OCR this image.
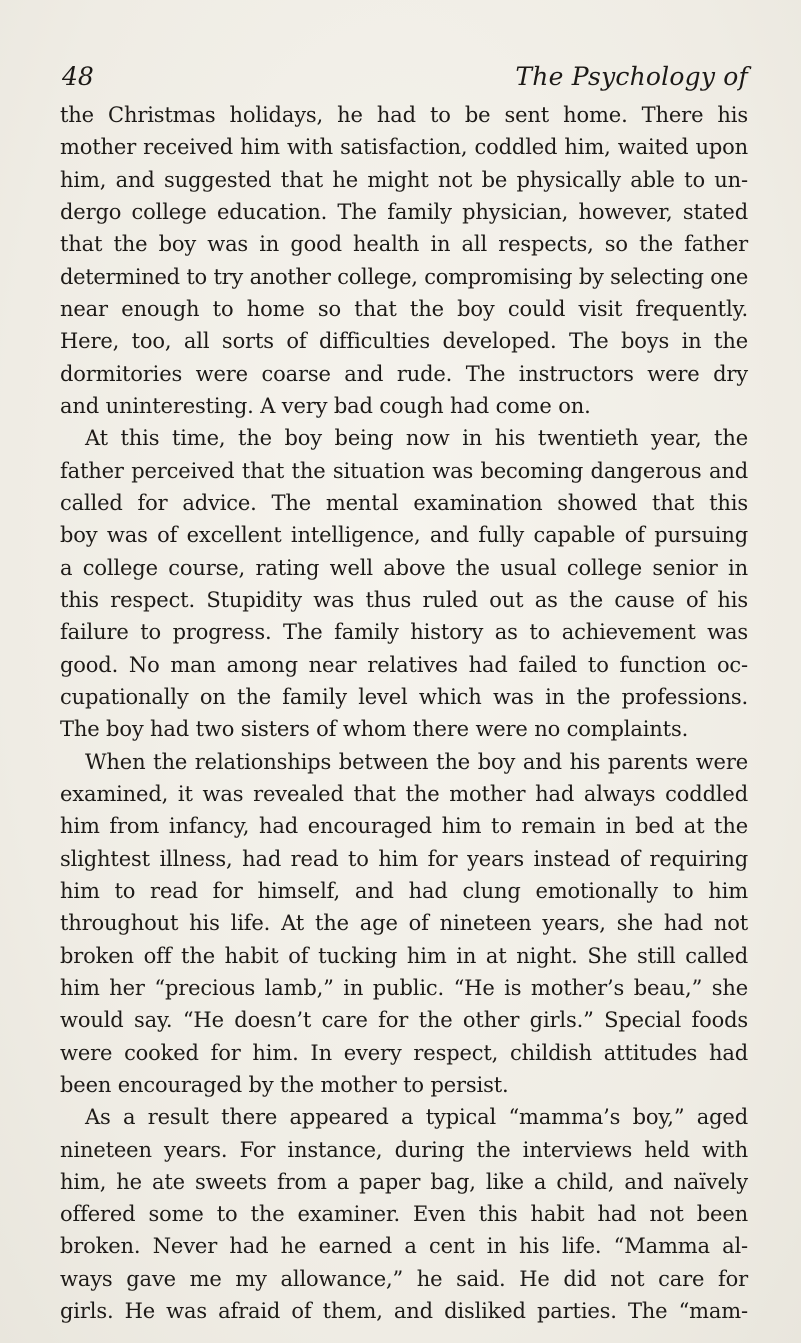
48	The Psychology of
the Christmas holidays, he had to be sent home. There his
mother received him with satisfaction, coddled him, waited upon
him, and suggested that he might not be physically able to un-
dergo college education. The family physician, however, stated
that the boy was in good health in all respects, so the father
determined to try another college, compromising by selecting one
near enough to home so that the boy could visit frequently.
Here, too, all sorts of difficulties developed. The boys in the
dormitories were coarse and rude. The instructors were dry
and uninteresting. A very bad cough had come on.
At this time, the boy being now in his twentieth year, the
father perceived that the situation was becoming dangerous and
called for advice. The mental examination showed that this
boy was of excellent intelligence, and fully capable of pursuing
a college course, rating well above the usual college senior in
this respect. Stupidity was thus ruled out as the cause of his
failure to progress. The family history as to achievement was
good. No man among near relatives had failed to function oc-
cupationally on the family level which was in the professions.
The boy had two sisters of whom there were no complaints.
When the relationships between the boy and his parents were
examined, it was revealed that the mother had always coddled
him from infancy, had encouraged him to remain in bed at the
slightest illness, had read to him for years instead of requiring
him to read for himself, and had clung emotionally to him
throughout his life. At the age of nineteen years, she had not
broken off the habit of tucking him in at night. She still called
him her “precious lamb,” in public. “He is mother’s beau,” she
would say. “He doesn’t care for the other girls.” Special foods
were cooked for him. In every respect, childish attitudes had
been encouraged by the mother to persist.
As a result there appeared a typical “mamma’s boy,” aged
nineteen years. For instance, during the interviews held with
him, he ate sweets from a paper bag, like a child, and naïvely
offered some to the examiner. Even this habit had not been
broken. Never had he earned a cent in his life. “Mamma al-
ways gave me my allowance,” he said. He did not care for
girls. He was afraid of them, and disliked parties. The “mam-
